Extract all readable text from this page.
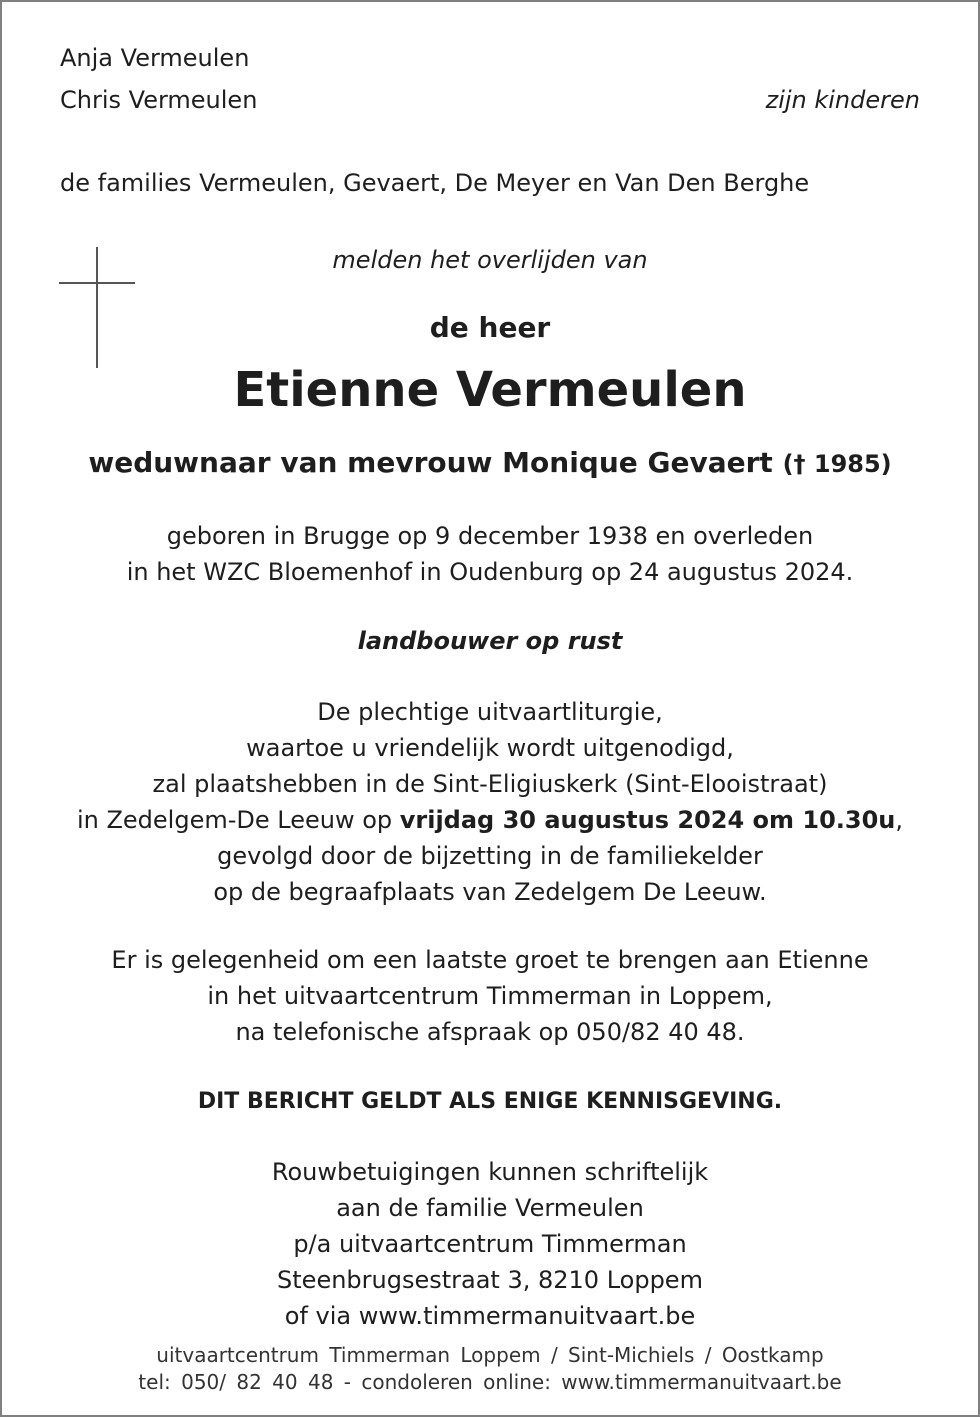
Anja Vermeulen
Chris Vermeulen	zijn kinderen
de families Vermeulen, Gevaert, De Meyer en Van Den Berghe
melden het overlijden van
de heer
Etienne Vermeulen
weduwnaar van mevrouw Monique Gevaert († 1985)
geboren in Brugge op 9 december 1938 en overleden
in het WZC Bloemenhof in Oudenburg op 24 augustus 2024.
landbouwer op rust
De plechtige uitvaartliturgie,
waartoe u vriendelijk wordt uitgenodigd,
zal plaatshebben in de Sint-Eligiuskerk (Sint-Elooistraat)
in Zedelgem-De Leeuw op vrijdag 30 augustus 2024 om 10.30u,
gevolgd door de bijzetting in de familiekelder
op de begraafplaats van Zedelgem De Leeuw.
Er is gelegenheid om een laatste groet te brengen aan Etienne
in het uitvaartcentrum Timmerman in Loppem,
na telefonische afspraak op 050/82 40 48.
DIT BERICHT GELDT ALS ENIGE KENNISGEVING.
Rouwbetuigingen kunnen schriftelijk
aan de familie Vermeulen
p/a uitvaartcentrum Timmerman
Steenbrugsestraat 3, 8210 Loppem
of via www.timmermanuitvaart.be
uitvaartcentrum Timmerman Loppem / Sint-Michiels / Oostkamp
tel: 050/ 82 40 48 - condoleren online: www.timmermanuitvaart.be
